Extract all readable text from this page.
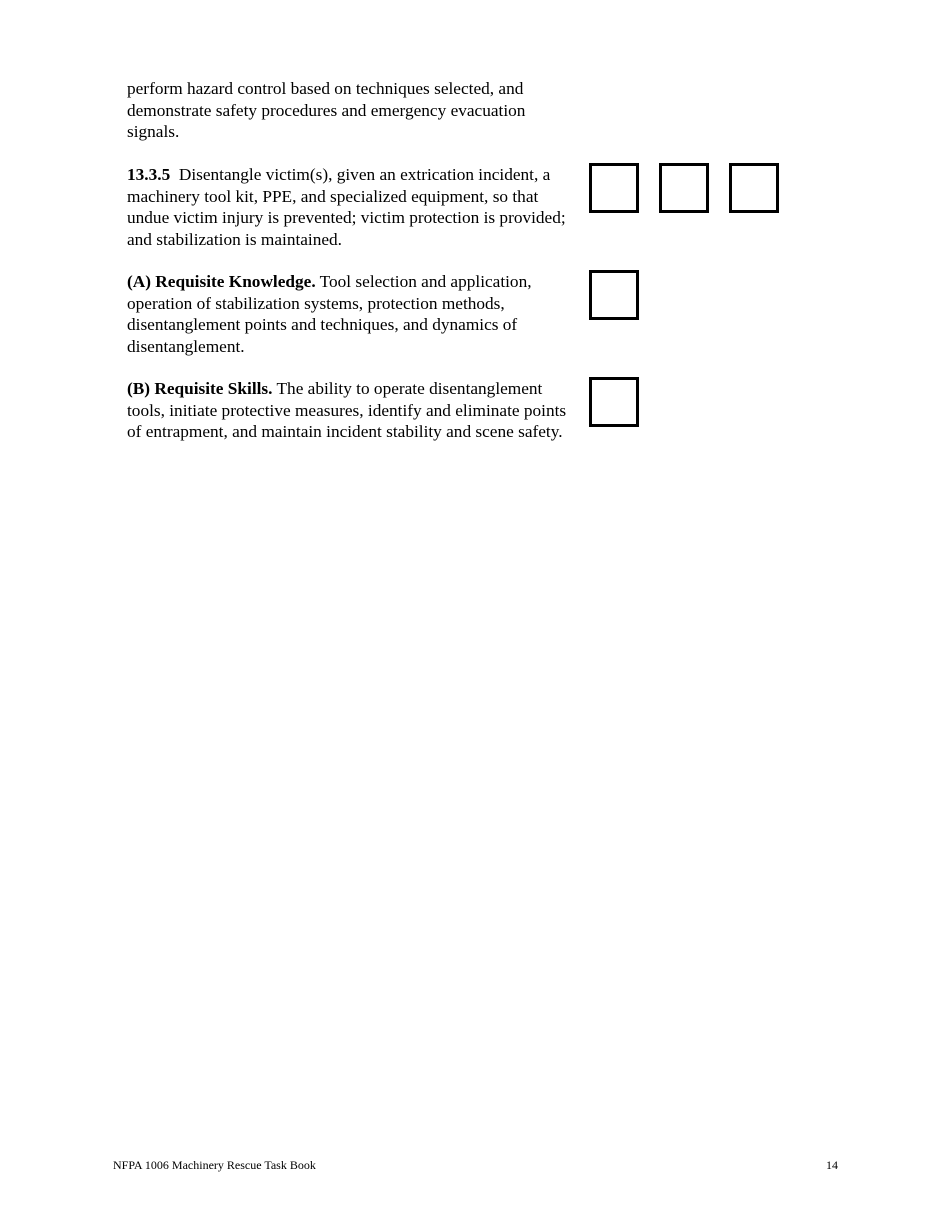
perform hazard control based on techniques selected, and demonstrate safety procedures and emergency evacuation signals.

13.3.5 Disentangle victim(s), given an extrication incident, a machinery tool kit, PPE, and specialized equipment, so that undue victim injury is prevented; victim protection is provided; and stabilization is maintained.

(A) Requisite Knowledge. Tool selection and application, operation of stabilization systems, protection methods, disentanglement points and techniques, and dynamics of disentanglement.

(B) Requisite Skills. The ability to operate disentanglement tools, initiate protective measures, identify and eliminate points of entrapment, and maintain incident stability and scene safety.

NFPA 1006 Machinery Rescue Task Book	14
